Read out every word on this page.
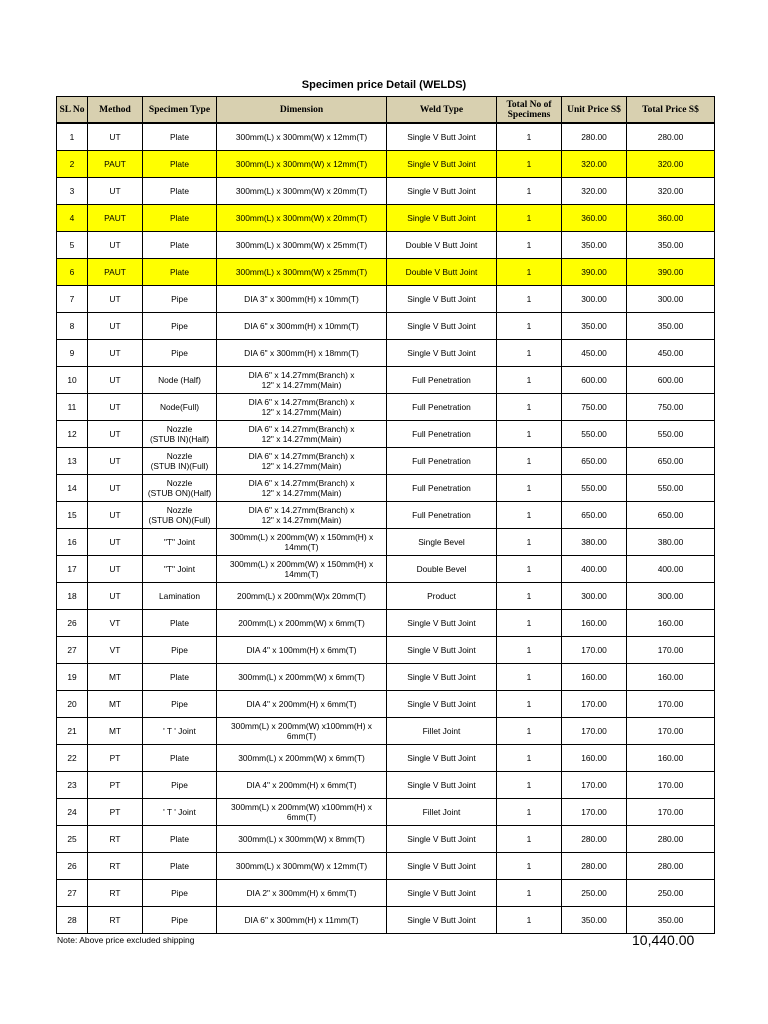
Specimen price Detail (WELDS)
SL No	Method	Specimen Type	Dimension	Weld Type	Total No of Specimens	Unit Price S$	Total Price S$
1	UT	Plate	300mm(L) x 300mm(W) x 12mm(T)	Single V Butt Joint	1	280.00	280.00
2	PAUT	Plate	300mm(L) x 300mm(W) x 12mm(T)	Single V Butt Joint	1	320.00	320.00
3	UT	Plate	300mm(L) x 300mm(W) x 20mm(T)	Single V Butt Joint	1	320.00	320.00
4	PAUT	Plate	300mm(L) x 300mm(W) x 20mm(T)	Single V Butt Joint	1	360.00	360.00
5	UT	Plate	300mm(L) x 300mm(W) x 25mm(T)	Double V Butt Joint	1	350.00	350.00
6	PAUT	Plate	300mm(L) x 300mm(W) x 25mm(T)	Double V Butt Joint	1	390.00	390.00
7	UT	Pipe	DIA 3" x 300mm(H) x 10mm(T)	Single V Butt Joint	1	300.00	300.00
8	UT	Pipe	DIA 6" x 300mm(H) x 10mm(T)	Single V Butt Joint	1	350.00	350.00
9	UT	Pipe	DIA 6" x 300mm(H) x 18mm(T)	Single V Butt Joint	1	450.00	450.00
10	UT	Node (Half)	DIA 6" x 14.27mm(Branch) x
12" x 14.27mm(Main)	Full Penetration	1	600.00	600.00
11	UT	Node(Full)	DIA 6" x 14.27mm(Branch) x
12" x 14.27mm(Main)	Full Penetration	1	750.00	750.00
12	UT	Nozzle
(STUB IN)(Half)	DIA 6" x 14.27mm(Branch) x
12" x 14.27mm(Main)	Full Penetration	1	550.00	550.00
13	UT	Nozzle
(STUB IN)(Full)	DIA 6" x 14.27mm(Branch) x
12" x 14.27mm(Main)	Full Penetration	1	650.00	650.00
14	UT	Nozzle
(STUB ON)(Half)	DIA 6" x 14.27mm(Branch) x
12" x 14.27mm(Main)	Full Penetration	1	550.00	550.00
15	UT	Nozzle
(STUB ON)(Full)	DIA 6" x 14.27mm(Branch) x
12" x 14.27mm(Main)	Full Penetration	1	650.00	650.00
16	UT	"T" Joint	300mm(L) x 200mm(W) x 150mm(H) x
14mm(T)	Single Bevel	1	380.00	380.00
17	UT	"T" Joint	300mm(L) x 200mm(W) x 150mm(H) x
14mm(T)	Double Bevel	1	400.00	400.00
18	UT	Lamination	200mm(L) x 200mm(W)x 20mm(T)	Product	1	300.00	300.00
26	VT	Plate	200mm(L) x 200mm(W) x 6mm(T)	Single V Butt Joint	1	160.00	160.00
27	VT	Pipe	DIA 4" x 100mm(H) x 6mm(T)	Single V Butt Joint	1	170.00	170.00
19	MT	Plate	300mm(L) x 200mm(W) x 6mm(T)	Single V Butt Joint	1	160.00	160.00
20	MT	Pipe	DIA 4" x 200mm(H) x 6mm(T)	Single V Butt Joint	1	170.00	170.00
21	MT	' T ' Joint	300mm(L) x 200mm(W) x100mm(H) x
6mm(T)	Fillet Joint	1	170.00	170.00
22	PT	Plate	300mm(L) x 200mm(W) x 6mm(T)	Single V Butt Joint	1	160.00	160.00
23	PT	Pipe	DIA 4" x 200mm(H) x 6mm(T)	Single V Butt Joint	1	170.00	170.00
24	PT	' T ' Joint	300mm(L) x 200mm(W) x100mm(H) x
6mm(T)	Fillet Joint	1	170.00	170.00
25	RT	Plate	300mm(L) x 300mm(W) x 8mm(T)	Single V Butt Joint	1	280.00	280.00
26	RT	Plate	300mm(L) x 300mm(W) x 12mm(T)	Single V Butt Joint	1	280.00	280.00
27	RT	Pipe	DIA 2" x 300mm(H) x 6mm(T)	Single V Butt Joint	1	250.00	250.00
28	RT	Pipe	DIA 6" x 300mm(H) x 11mm(T)	Single V Butt Joint	1	350.00	350.00
Note: Above price excluded shipping	10,440.00
